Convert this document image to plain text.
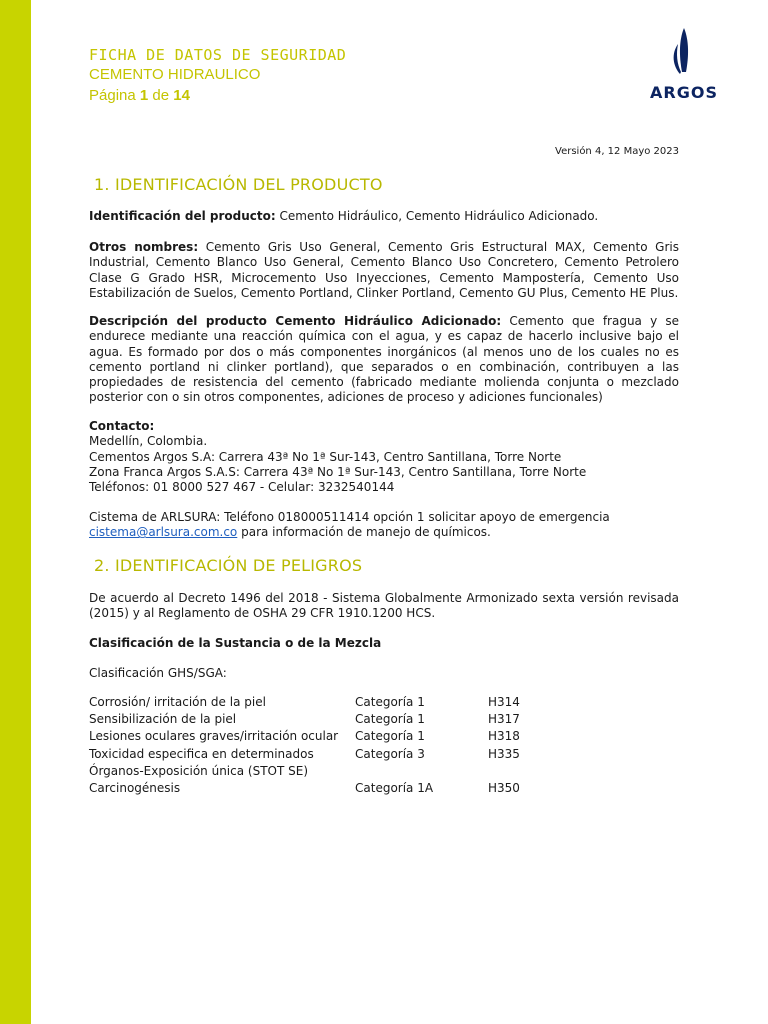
FICHA DE DATOS DE SEGURIDAD
CEMENTO HIDRAULICO
Página 1 de 14	ARGOS
Versión 4, 12 Mayo 2023
1. IDENTIFICACIÓN DEL PRODUCTO
Identificación del producto: Cemento Hidráulico, Cemento Hidráulico Adicionado.
Otros nombres: Cemento Gris Uso General, Cemento Gris Estructural MAX, Cemento Gris Industrial, Cemento Blanco Uso General, Cemento Blanco Uso Concretero, Cemento Petrolero Clase G Grado HSR, Microcemento Uso Inyecciones, Cemento Mampostería, Cemento Uso Estabilización de Suelos, Cemento Portland, Clinker Portland, Cemento GU Plus, Cemento HE Plus.
Descripción del producto Cemento Hidráulico Adicionado: Cemento que fragua y se endurece mediante una reacción química con el agua, y es capaz de hacerlo inclusive bajo el agua. Es formado por dos o más componentes inorgánicos (al menos uno de los cuales no es cemento portland ni clinker portland), que separados o en combinación, contribuyen a las propiedades de resistencia del cemento (fabricado mediante molienda conjunta o mezclado posterior con o sin otros componentes, adiciones de proceso y adiciones funcionales)
Contacto:
Medellín, Colombia.
Cementos Argos S.A: Carrera 43ª No 1ª Sur-143, Centro Santillana, Torre Norte
Zona Franca Argos S.A.S: Carrera 43ª No 1ª Sur-143, Centro Santillana, Torre Norte
Teléfonos: 01 8000 527 467 - Celular: 3232540144
Cistema de ARLSURA: Teléfono 018000511414 opción 1 solicitar apoyo de emergencia
cistema@arlsura.com.co para información de manejo de químicos.
2. IDENTIFICACIÓN DE PELIGROS
De acuerdo al Decreto 1496 del 2018 - Sistema Globalmente Armonizado sexta versión revisada (2015) y al Reglamento de OSHA 29 CFR 1910.1200 HCS.
Clasificación de la Sustancia o de la Mezcla
Clasificación GHS/SGA:
Corrosión/ irritación de la piel	Categoría 1	H314
Sensibilización de la piel	Categoría 1	H317
Lesiones oculares graves/irritación ocular	Categoría 1	H318
Toxicidad especifica en determinados	Categoría 3	H335
Órganos-Exposición única (STOT SE)		
Carcinogénesis	Categoría 1A	H350
